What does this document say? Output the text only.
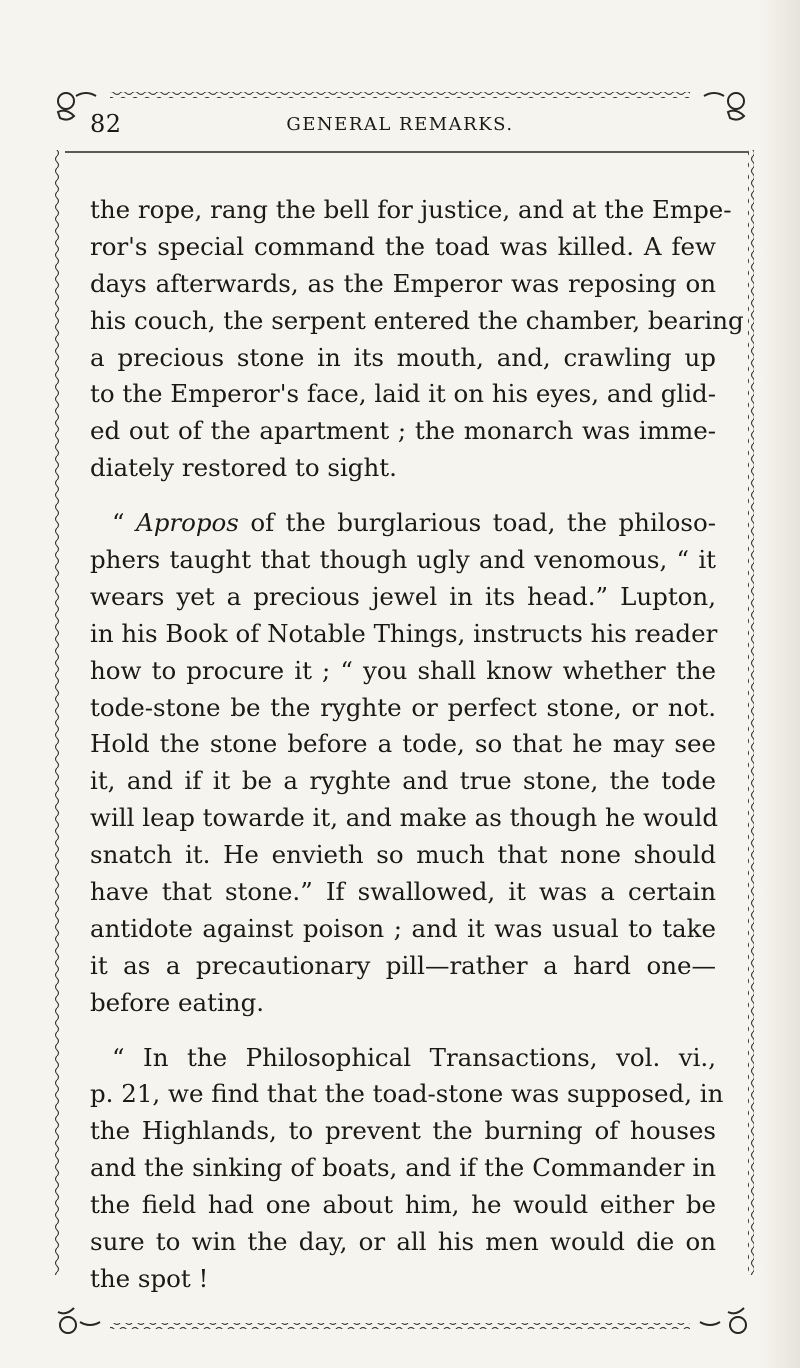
82	GENERAL REMARKS.

the rope, rang the bell for justice, and at the Empe-
ror's special command the toad was killed. A few
days afterwards, as the Emperor was reposing on
his couch, the serpent entered the chamber, bearing
a precious stone in its mouth, and, crawling up
to the Emperor's face, laid it on his eyes, and glid-
ed out of the apartment ; the monarch was imme-
diately restored to sight.

“ Apropos of the burglarious toad, the philoso-
phers taught that though ugly and venomous, “ it
wears yet a precious jewel in its head.” Lupton,
in his Book of Notable Things, instructs his reader
how to procure it ; “ you shall know whether the
tode-stone be the ryghte or perfect stone, or not.
Hold the stone before a tode, so that he may see
it, and if it be a ryghte and true stone, the tode
will leap towarde it, and make as though he would
snatch it. He envieth so much that none should
have that stone.” If swallowed, it was a certain
antidote against poison ; and it was usual to take
it as a precautionary pill—rather a hard one—
before eating.

“ In the Philosophical Transactions, vol. vi.,
p. 21, we find that the toad-stone was supposed, in
the Highlands, to prevent the burning of houses
and the sinking of boats, and if the Commander in
the field had one about him, he would either be
sure to win the day, or all his men would die on
the spot !
